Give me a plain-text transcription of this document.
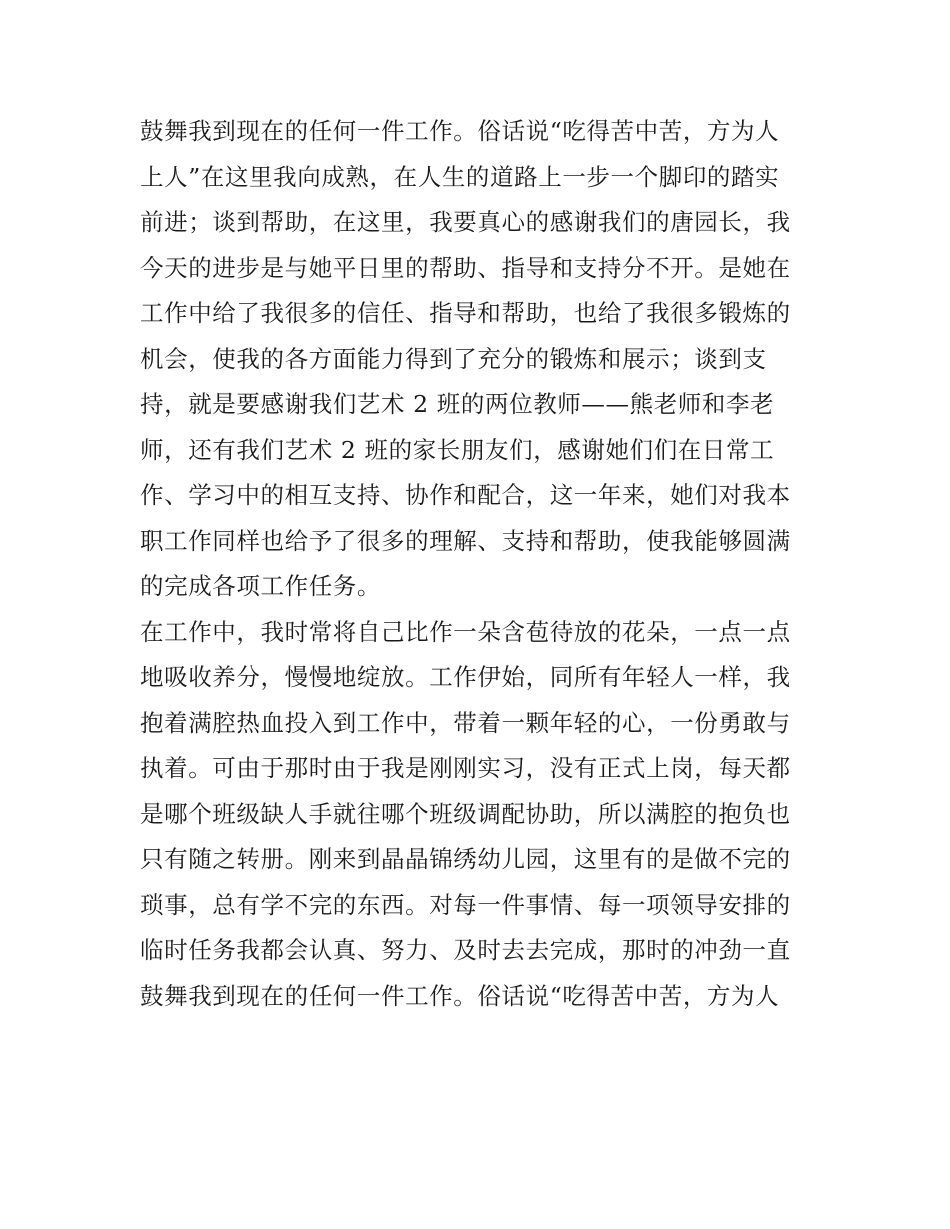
鼓舞我到现在的任何一件工作。俗话说“吃得苦中苦，方为人
上人”在这里我向成熟，在人生的道路上一步一个脚印的踏实
前进；谈到帮助，在这里，我要真心的感谢我们的唐园长，我
今天的进步是与她平日里的帮助、指导和支持分不开。是她在
工作中给了我很多的信任、指导和帮助，也给了我很多锻炼的
机会，使我的各方面能力得到了充分的锻炼和展示；谈到支
持，就是要感谢我们艺术 2 班的两位教师——熊老师和李老
师，还有我们艺术 2 班的家长朋友们，感谢她们们在日常工
作、学习中的相互支持、协作和配合，这一年来，她们对我本
职工作同样也给予了很多的理解、支持和帮助，使我能够圆满
的完成各项工作任务。
在工作中，我时常将自己比作一朵含苞待放的花朵，一点一点
地吸收养分，慢慢地绽放。工作伊始，同所有年轻人一样，我
抱着满腔热血投入到工作中，带着一颗年轻的心，一份勇敢与
执着。可由于那时由于我是刚刚实习，没有正式上岗，每天都
是哪个班级缺人手就往哪个班级调配协助，所以满腔的抱负也
只有随之转册。刚来到晶晶锦绣幼儿园，这里有的是做不完的
琐事，总有学不完的东西。对每一件事情、每一项领导安排的
临时任务我都会认真、努力、及时去去完成，那时的冲劲一直
鼓舞我到现在的任何一件工作。俗话说“吃得苦中苦，方为人
